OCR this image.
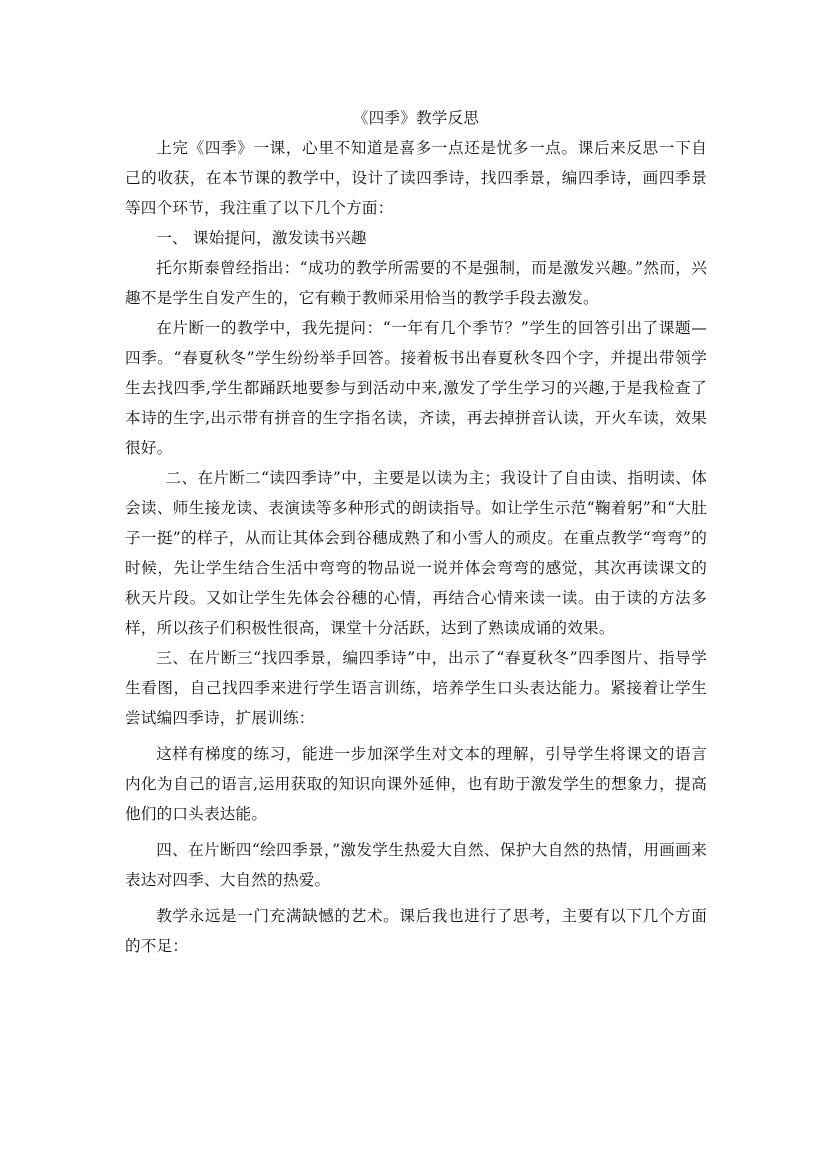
《四季》教学反思

上完《四季》一课，心里不知道是喜多一点还是忧多一点。课后来反思一下自己的收获，在本节课的教学中，设计了读四季诗，找四季景，编四季诗，画四季景等四个环节，我注重了以下几个方面：

一、 课始提问，激发读书兴趣

托尔斯泰曾经指出：“成功的教学所需要的不是强制，而是激发兴趣。”然而，兴趣不是学生自发产生的，它有赖于教师采用恰当的教学手段去激发。

在片断一的教学中，我先提问：“一年有几个季节？”学生的回答引出了课题—四季。“春夏秋冬”学生纷纷举手回答。接着板书出春夏秋冬四个字，并提出带领学生去找四季,学生都踊跃地要参与到活动中来,激发了学生学习的兴趣,于是我检查了本诗的生字,出示带有拼音的生字指名读，齐读，再去掉拼音认读，开火车读，效果很好。

二、在片断二“读四季诗”中，主要是以读为主；我设计了自由读、指明读、体会读、师生接龙读、表演读等多种形式的朗读指导。如让学生示范“鞠着躬”和“大肚子一挺”的样子，从而让其体会到谷穗成熟了和小雪人的顽皮。在重点教学“弯弯”的时候，先让学生结合生活中弯弯的物品说一说并体会弯弯的感觉，其次再读课文的秋天片段。又如让学生先体会谷穗的心情，再结合心情来读一读。由于读的方法多样，所以孩子们积极性很高，课堂十分活跃，达到了熟读成诵的效果。

三、在片断三“找四季景，编四季诗”中，出示了“春夏秋冬”四季图片、指导学生看图，自己找四季来进行学生语言训练，培养学生口头表达能力。紧接着让学生尝试编四季诗，扩展训练：

这样有梯度的练习，能进一步加深学生对文本的理解，引导学生将课文的语言内化为自己的语言,运用获取的知识向课外延伸，也有助于激发学生的想象力，提高他们的口头表达能。

四、在片断四“绘四季景，”激发学生热爱大自然、保护大自然的热情，用画画来表达对四季、大自然的热爱。

教学永远是一门充满缺憾的艺术。课后我也进行了思考，主要有以下几个方面的不足：
